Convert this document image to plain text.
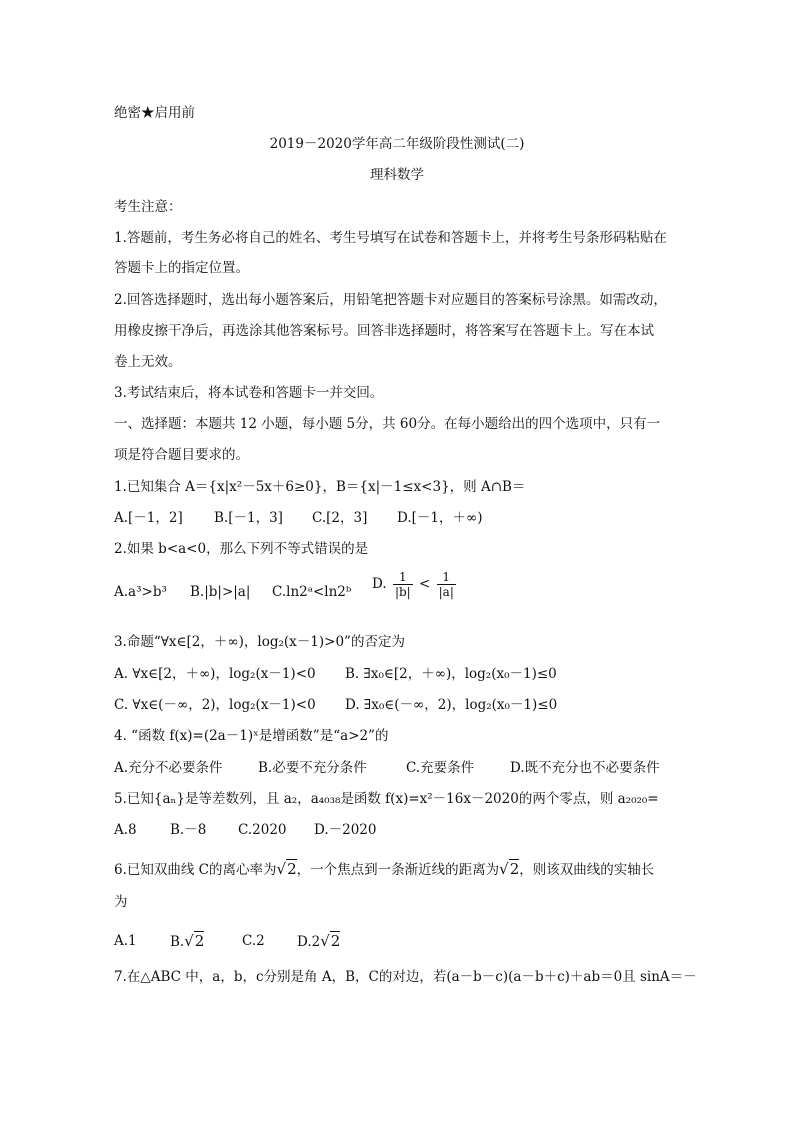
绝密★启用前
2019－2020学年高二年级阶段性测试(二)
理科数学
考生注意：
1.答题前，考生务必将自己的姓名、考生号填写在试卷和答题卡上，并将考生号条形码粘贴在
答题卡上的指定位置。
2.回答选择题时，选出每小题答案后，用铅笔把答题卡对应题目的答案标号涂黑。如需改动，
用橡皮擦干净后，再选涂其他答案标号。回答非选择题时，将答案写在答题卡上。写在本试
卷上无效。
3.考试结束后，将本试卷和答题卡一并交回。
一、选择题：本题共 12 小题，每小题 5分，共 60分。在每小题给出的四个选项中，只有一
项是符合题目要求的。
1.已知集合 A＝{x|x²－5x＋6≥0}，B＝{x|－1≤x<3}，则 A∩B＝
A.[－1，2] B.[－1，3] C.[2，3] D.[－1，＋∞)
2.如果 b<a<0，那么下列不等式错误的是
A.a³>b³ B.|b|>|a| C.ln2ᵃ<ln2ᵇ D. $\frac{1}{|b|} < \frac{1}{|a|}$
3.命题“∀x∈[2，＋∞)，log₂(x－1)>0”的否定为
A. ∀x∈[2，＋∞)，log₂(x－1)<0 B. ∃x₀∈[2，＋∞)，log₂(x₀－1)≤0
C. ∀x∈(－∞，2)，log₂(x－1)<0 D. ∃x₀∈(－∞，2)，log₂(x₀－1)≤0
4. “函数 f(x)=(2a－1)ˣ是增函数”是“a>2”的
A.充分不必要条件	B.必要不充分条件	C.充要条件	D.既不充分也不必要条件
5.已知{aₙ}是等差数列，且 a₂，a₄₀₃₈是函数 f(x)=x²－16x－2020的两个零点，则 a₂₀₂₀=
A.8 B.－8 C.2020 D.－2020
6.已知双曲线 C的离心率为√2，一个焦点到一条渐近线的距离为√2，则该双曲线的实轴长
为
A.1 B.√2	C.2 D.2√2
7.在△ABC 中，a，b，c分别是角 A，B，C的对边，若(a－b－c)(a－b＋c)＋ab＝0且 sinA＝－
